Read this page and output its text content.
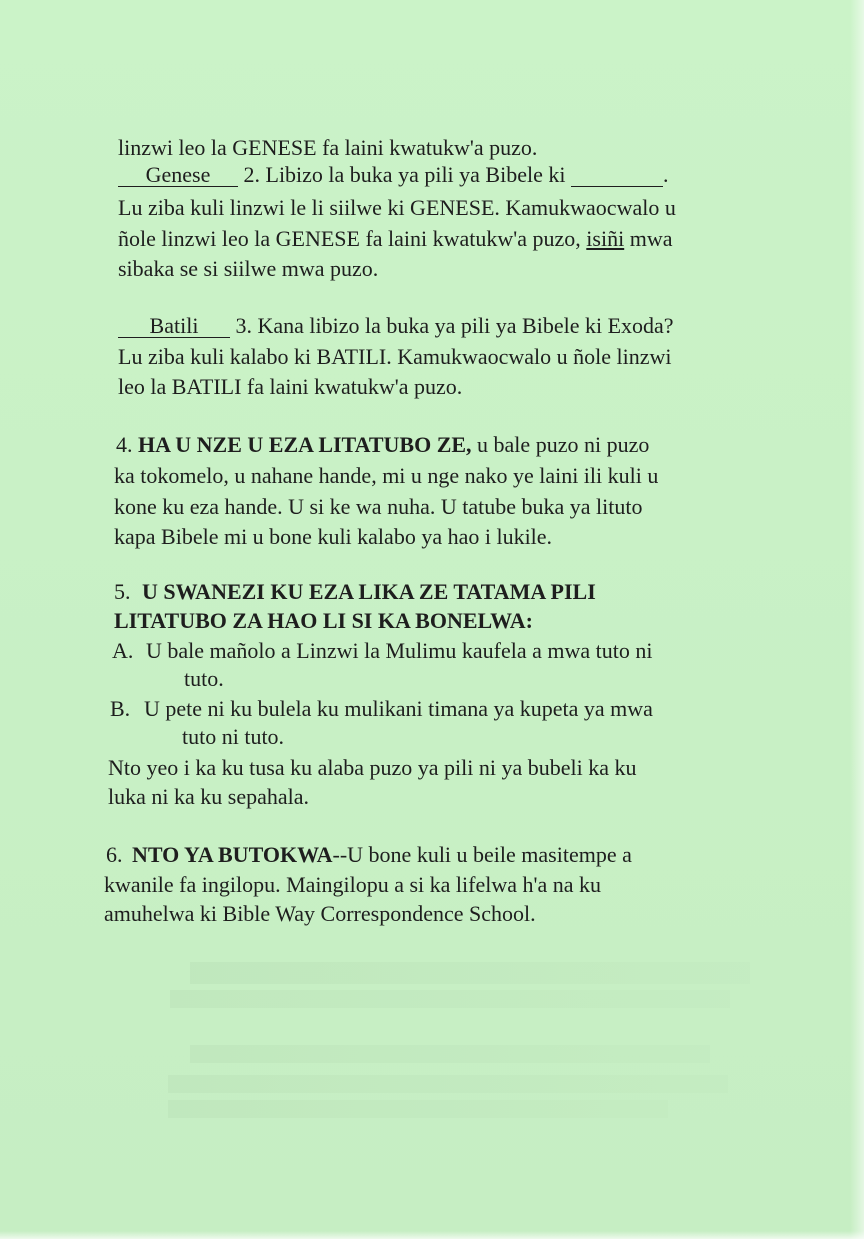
linzwi leo la GENESE fa laini kwatukw'a puzo.
Genese 2. Libizo la buka ya pili ya Bibele ki	.
Lu ziba kuli linzwi le li siilwe ki GENESE. Kamukwaocwalo u
ñole linzwi leo la GENESE fa laini kwatukw'a puzo, isiñi mwa
sibaka se si siilwe mwa puzo.
Batili 3. Kana libizo la buka ya pili ya Bibele ki Exoda?
Lu ziba kuli kalabo ki BATILI. Kamukwaocwalo u ñole linzwi
leo la BATILI fa laini kwatukw'a puzo.
4. HA U NZE U EZA LITATUBO ZE, u bale puzo ni puzo
ka tokomelo, u nahane hande, mi u nge nako ye laini ili kuli u
kone ku eza hande. U si ke wa nuha. U tatube buka ya lituto
kapa Bibele mi u bone kuli kalabo ya hao i lukile.
5. U SWANEZI KU EZA LIKA ZE TATAMA PILI
LITATUBO ZA HAO LI SI KA BONELWA:
A. U bale mañolo a Linzwi la Mulimu kaufela a mwa tuto ni
tuto.
B. U pete ni ku bulela ku mulikani timana ya kupeta ya mwa
tuto ni tuto.
Nto yeo i ka ku tusa ku alaba puzo ya pili ni ya bubeli ka ku
luka ni ka ku sepahala.
6. NTO YA BUTOKWA--U bone kuli u beile masitempe a
kwanile fa ingilopu. Maingilopu a si ka lifelwa h'a na ku
amuhelwa ki Bible Way Correspondence School.
